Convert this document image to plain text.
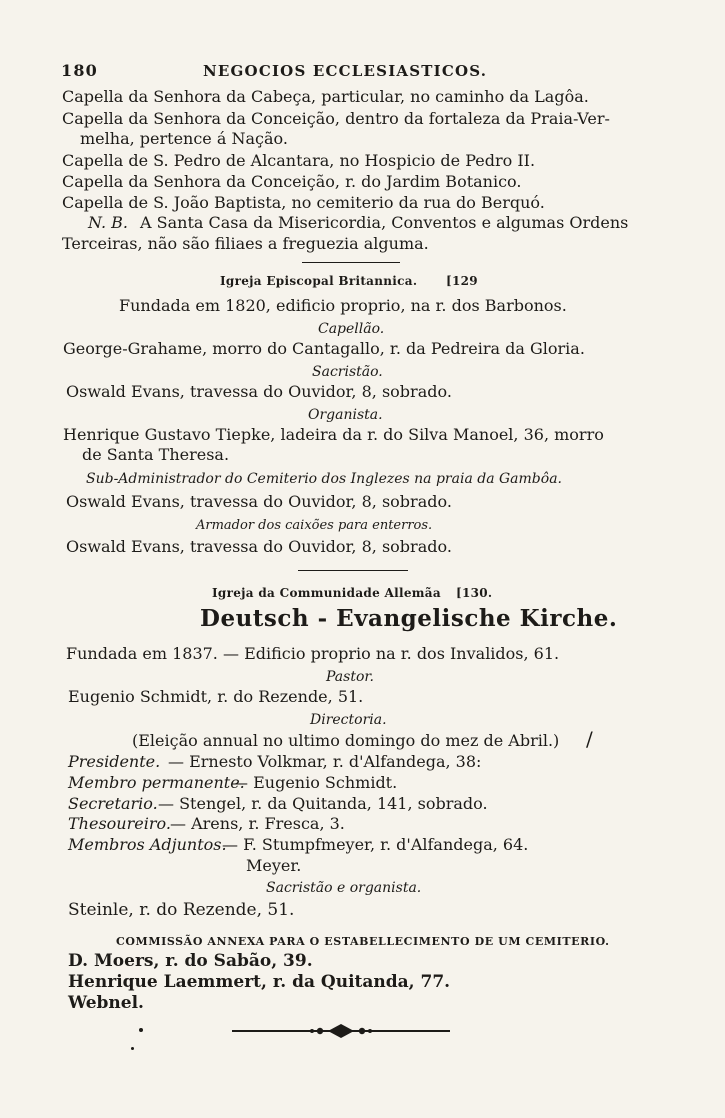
180	NEGOCIOS ECCLESIASTICOS.
Capella da Senhora da Cabeça, particular, no caminho da Lagôa.
Capella da Senhora da Conceição, dentro da fortaleza da Praia-Ver-
melha, pertence á Nação.
Capella de S. Pedro de Alcantara, no Hospicio de Pedro II.
Capella da Senhora da Conceição, r. do Jardim Botanico.
Capella de S. João Baptista, no cemiterio da rua do Berquó.
N. B. A Santa Casa da Misericordia, Conventos e algumas Ordens
Terceiras, não são filiaes a freguezia alguma.
Igreja Episcopal Britannica. [129
Fundada em 1820, edificio proprio, na r. dos Barbonos.
Capellão.
George-Grahame, morro do Cantagallo, r. da Pedreira da Gloria.
Sacristão.
Oswald Evans, travessa do Ouvidor, 8, sobrado.
Organista.
Henrique Gustavo Tiepke, ladeira da r. do Silva Manoel, 36, morro
de Santa Theresa.
Sub-Administrador do Cemiterio dos Inglezes na praia da Gambôa.
Oswald Evans, travessa do Ouvidor, 8, sobrado.
Armador dos caixões para enterros.
Oswald Evans, travessa do Ouvidor, 8, sobrado.
Igreja da Communidade Allemãa [130.
Deutsch - Evangelische Kirche.
Fundada em 1837. — Edificio proprio na r. dos Invalidos, 61.
Pastor.
Eugenio Schmidt, r. do Rezende, 51.
Directoria.
(Eleição annual no ultimo domingo do mez de Abril.) /
Presidente. — Ernesto Volkmar, r. d'Alfandega, 38:
Membro permanente.
— Eugenio Schmidt.
Secretario. — Stengel, r. da Quitanda, 141, sobrado.
Thesoureiro. — Arens, r. Fresca, 3.
Membros Adjuntos.
— F. Stumpfmeyer, r. d'Alfandega, 64.
Meyer.
Sacristão e organista.
Steinle, r. do Rezende, 51.
COMMISSÃO ANNEXA PARA O ESTABELLECIMENTO DE UM CEMITERIO.
D. Moers, r. do Sabão, 39.
Henrique Laemmert, r. da Quitanda, 77.
Webnel.
